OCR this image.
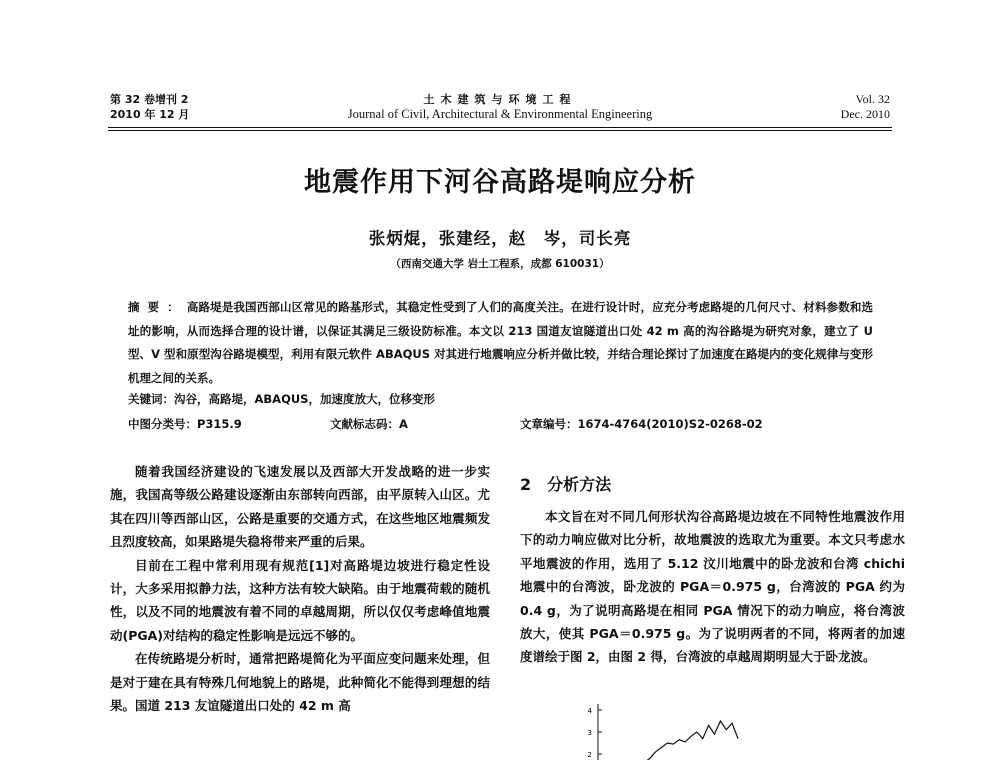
第 32 卷增刊 2
2010 年 12 月
土木建筑与环境工程
Journal of Civil, Architectural & Environmental Engineering
Vol. 32
Dec. 2010
地震作用下河谷高路堤响应分析
张炳焜，张建经，赵　岑，司长亮
（西南交通大学 岩土工程系，成都 610031）
摘要：高路堤是我国西部山区常见的路基形式，其稳定性受到了人们的高度关注。在进行设计时，应充分考虑路堤的几何尺寸、材料参数和选址的影响，从而选择合理的设计谱，以保证其满足三级设防标准。本文以 213 国道友谊隧道出口处 42 m 高的沟谷路堤为研究对象，建立了 U 型、V 型和原型沟谷路堤模型，利用有限元软件 ABAQUS 对其进行地震响应分析并做比较，并结合理论探讨了加速度在路堤内的变化规律与变形机理之间的关系。
关键词：沟谷，高路堤，ABAQUS，加速度放大，位移变形
中图分类号：P315.9	文献标志码：A	文章编号：1674-4764(2010)S2-0268-02

随着我国经济建设的飞速发展以及西部大开发战略的进一步实施，我国高等级公路建设逐渐由东部转向西部，由平原转入山区。尤其在四川等西部山区，公路是重要的交通方式，在这些地区地震频发且烈度较高，如果路堤失稳将带来严重的后果。

目前在工程中常利用现有规范[1]对高路堤边坡进行稳定性设计，大多采用拟静力法，这种方法有较大缺陷。由于地震荷载的随机性，以及不同的地震波有着不同的卓越周期，所以仅仅考虑峰值地震动(PGA)对结构的稳定性影响是远远不够的。

在传统路堤分析时，通常把路堤简化为平面应变问题来处理，但是对于建在具有特殊几何地貌上的路堤，此种简化不能得到理想的结果。国道 213 友谊隧道出口处的 42 m 高

2　分析方法

本文旨在对不同几何形状沟谷高路堤边坡在不同特性地震波作用下的动力响应做对比分析，故地震波的选取尤为重要。本文只考虑水平地震波的作用，选用了 5.12 汶川地震中的卧龙波和台湾 chichi 地震中的台湾波，卧龙波的 PGA＝0.975 g，台湾波的 PGA 约为 0.4 g，为了说明高路堤在相同 PGA 情况下的动力响应，将台湾波放大，使其 PGA＝0.975 g。为了说明两者的不同，将两者的加速度谱绘于图 2，由图 2 得，台湾波的卓越周期明显大于卧龙波。

4
3
2
